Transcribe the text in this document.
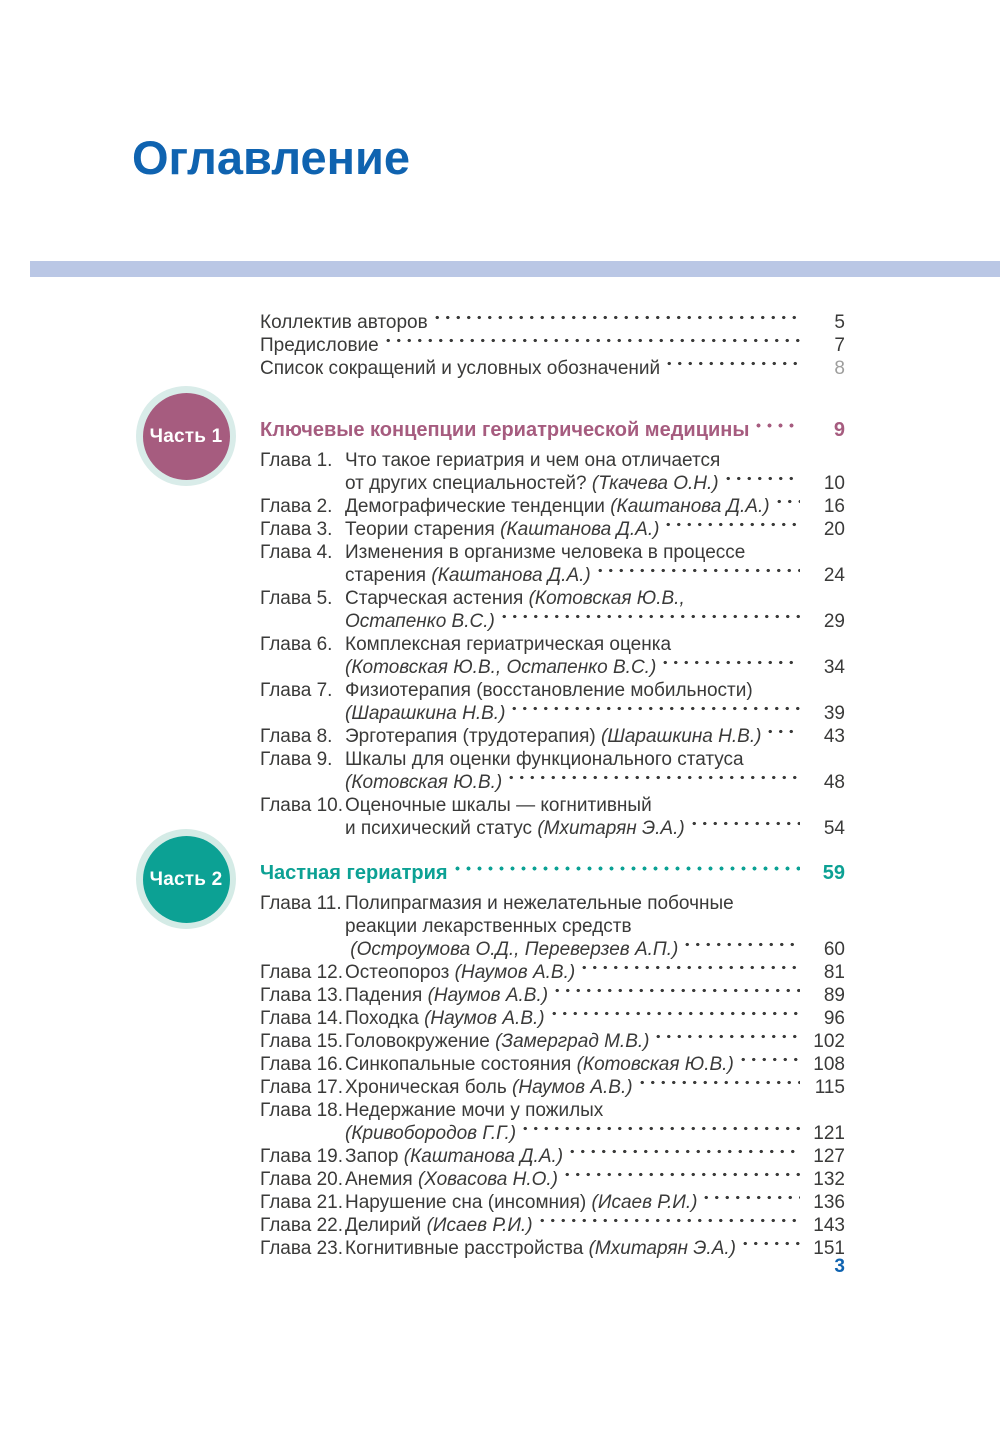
Оглавление
Коллектив авторов	5
Предисловие	7
Список сокращений и условных обозначений	8
Часть 1 Ключевые концепции гериатрической медицины	9
Глава 1. Что такое гериатрия и чем она отличается
от других специальностей? (Ткачева О.Н.)	10
Глава 2. Демографические тенденции (Каштанова Д.А.)	16
Глава 3. Теории старения (Каштанова Д.А.)	20
Глава 4. Изменения в организме человека в процессе
старения (Каштанова Д.А.)	24
Глава 5. Старческая астения (Котовская Ю.В.,
Остапенко В.С.)	29
Глава 6. Комплексная гериатрическая оценка
(Котовская Ю.В., Остапенко В.С.)	34
Глава 7. Физиотерапия (восстановление мобильности)
(Шарашкина Н.В.)	39
Глава 8. Эрготерапия (трудотерапия) (Шарашкина Н.В.)	43
Глава 9. Шкалы для оценки функционального статуса
(Котовская Ю.В.)	48
Глава 10. Оценочные шкалы — когнитивный
и психический статус (Мхитарян Э.А.)	54
Часть 2 Частная гериатрия	59
Глава 11. Полипрагмазия и нежелательные побочные
реакции лекарственных средств
(Остроумова О.Д., Переверзев А.П.)	60
Глава 12. Остеопороз (Наумов А.В.)	81
Глава 13. Падения (Наумов А.В.)	89
Глава 14. Походка (Наумов А.В.)	96
Глава 15. Головокружение (Замерград М.В.)	102
Глава 16. Синкопальные состояния (Котовская Ю.В.)	108
Глава 17. Хроническая боль (Наумов А.В.)	115
Глава 18. Недержание мочи у пожилых
(Кривобородов Г.Г.)	121
Глава 19. Запор (Каштанова Д.А.)	127
Глава 20. Анемия (Ховасова Н.О.)	132
Глава 21. Нарушение сна (инсомния) (Исаев Р.И.)	136
Глава 22. Делирий (Исаев Р.И.)	143
Глава 23. Когнитивные расстройства (Мхитарян Э.А.)	151
3
